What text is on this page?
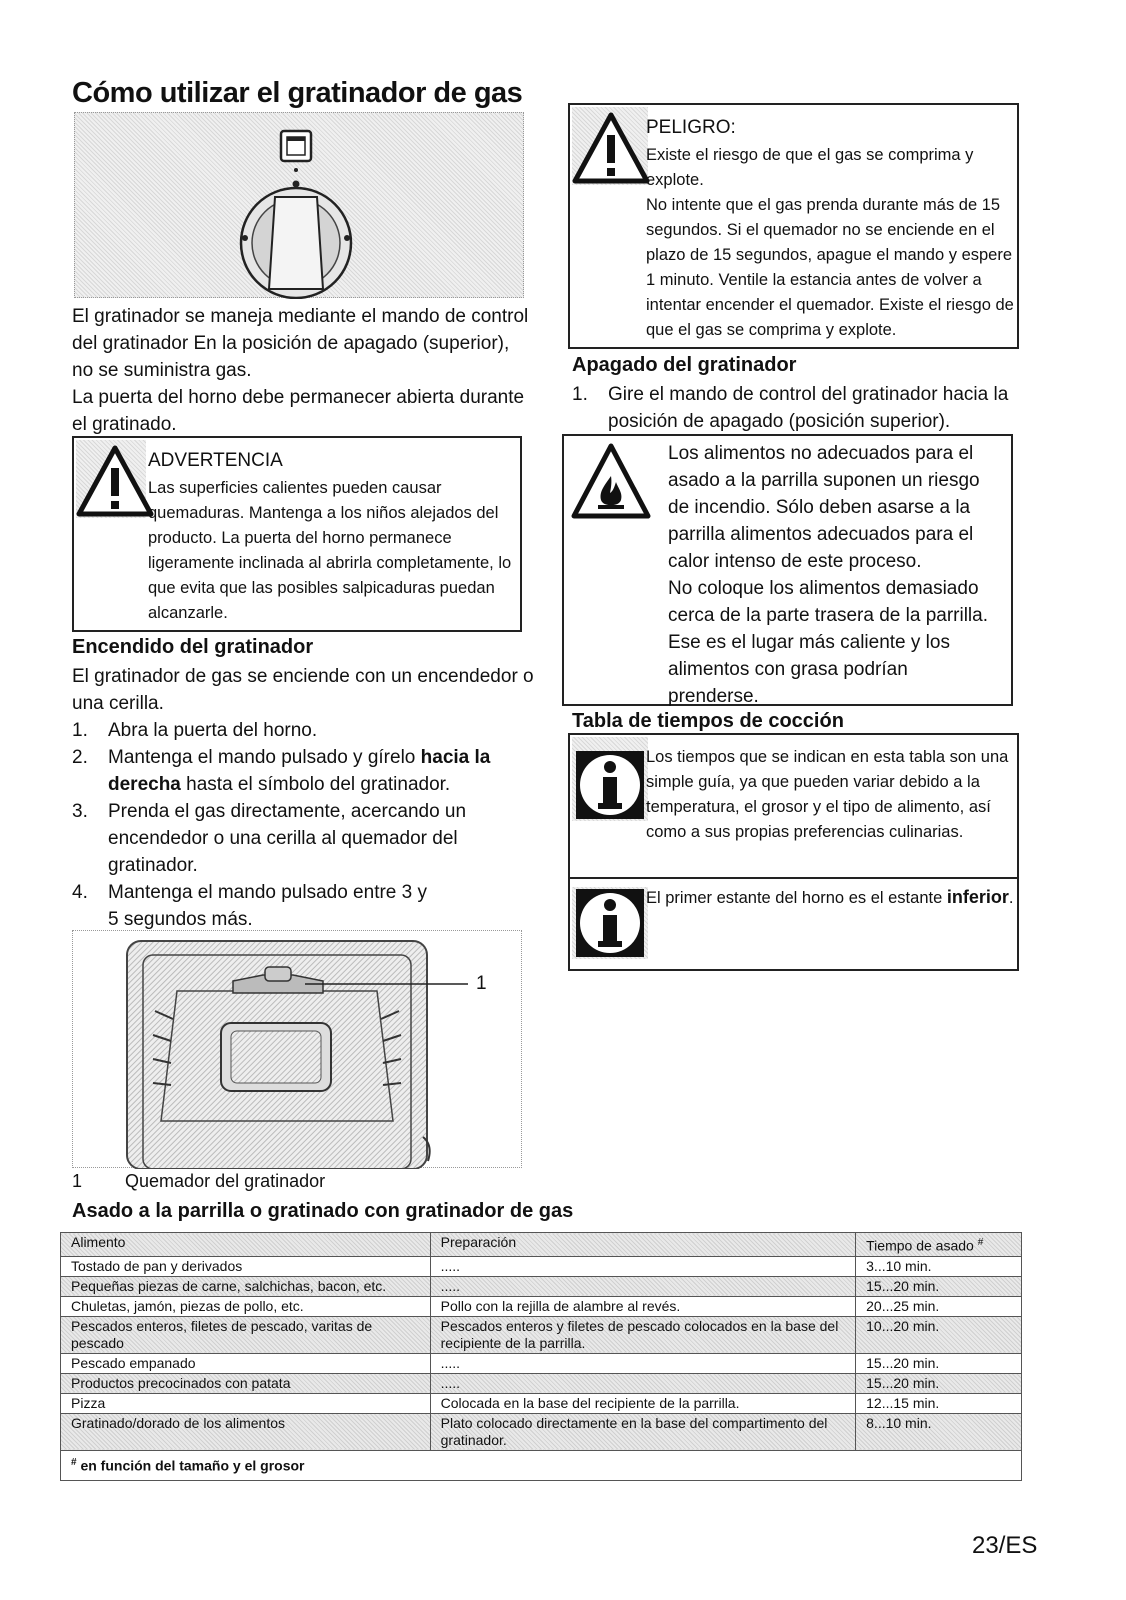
Cómo utilizar el gratinador de gas
El gratinador se maneja mediante el mando de control del gratinador En la posición de apagado (superior), no se suministra gas.
La puerta del horno debe permanecer abierta durante el gratinado.
ADVERTENCIA
Las superficies calientes pueden causar quemaduras. Mantenga a los niños alejados del producto. La puerta del horno permanece ligeramente inclinada al abrirla completamente, lo que evita que las posibles salpicaduras puedan alcanzarle.
Encendido del gratinador
El gratinador de gas se enciende con un encendedor o una cerilla.
1. Abra la puerta del horno.
2. Mantenga el mando pulsado y gírelo hacia la derecha hasta el símbolo del gratinador.
3. Prenda el gas directamente, acercando un encendedor o una cerilla al quemador del gratinador.
4. Mantenga el mando pulsado entre 3 y 5 segundos más.
1
1 Quemador del gratinador
PELIGRO:
Existe el riesgo de que el gas se comprima y explote.
No intente que el gas prenda durante más de 15 segundos. Si el quemador no se enciende en el plazo de 15 segundos, apague el mando y espere 1 minuto. Ventile la estancia antes de volver a intentar encender el quemador. Existe el riesgo de que el gas se comprima y explote.
Apagado del gratinador
1. Gire el mando de control del gratinador hacia la posición de apagado (posición superior).
Los alimentos no adecuados para el asado a la parrilla suponen un riesgo de incendio. Sólo deben asarse a la parrilla alimentos adecuados para el calor intenso de este proceso.
No coloque los alimentos demasiado cerca de la parte trasera de la parrilla. Ese es el lugar más caliente y los alimentos con grasa podrían prenderse.
Tabla de tiempos de cocción
Los tiempos que se indican en esta tabla son una simple guía, ya que pueden variar debido a la temperatura, el grosor y el tipo de alimento, así como a sus propias preferencias culinarias.
El primer estante del horno es el estante inferior.
Asado a la parrilla o gratinado con gratinador de gas
Alimento	Preparación	Tiempo de asado #
Tostado de pan y derivados	.....	3...10 min.
Pequeñas piezas de carne, salchichas, bacon, etc.	.....	15...20 min.
Chuletas, jamón, piezas de pollo, etc.	Pollo con la rejilla de alambre al revés.	20...25 min.
Pescados enteros, filetes de pescado, varitas de pescado	Pescados enteros y filetes de pescado colocados en la base del recipiente de la parrilla.	10...20 min.
Pescado empanado	.....	15...20 min.
Productos precocinados con patata	.....	15...20 min.
Pizza	Colocada en la base del recipiente de la parrilla.	12...15 min.
Gratinado/dorado de los alimentos	Plato colocado directamente en la base del compartimento del gratinador.	8...10 min.
# en función del tamaño y el grosor		
23/ES
